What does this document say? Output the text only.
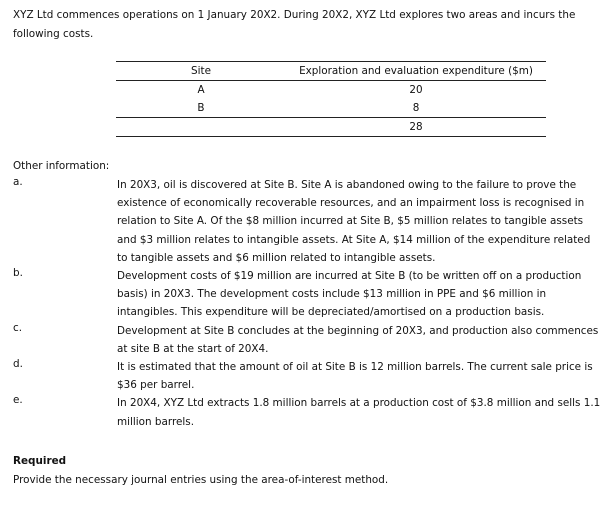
XYZ Ltd commences operations on 1 January 20X2. During 20X2, XYZ Ltd explores two areas and incurs the following costs.
Site	Exploration and evaluation expenditure ($m)
A	20
B	8
	28
Other information:
a.	In 20X3, oil is discovered at Site B. Site A is abandoned owing to the failure to prove the existence of economically recoverable resources, and an impairment loss is recognised in relation to Site A. Of the $8 million incurred at Site B, $5 million relates to tangible assets and $3 million relates to intangible assets. At Site A, $14 million of the expenditure related to tangible assets and $6 million related to intangible assets.
b.	Development costs of $19 million are incurred at Site B (to be written off on a production basis) in 20X3. The development costs include $13 million in PPE and $6 million in intangibles. This expenditure will be depreciated/amortised on a production basis.
c.	Development at Site B concludes at the beginning of 20X3, and production also commences at site B at the start of 20X4.
d.	It is estimated that the amount of oil at Site B is 12 million barrels. The current sale price is $36 per barrel.
e.	In 20X4, XYZ Ltd extracts 1.8 million barrels at a production cost of $3.8 million and sells 1.1 million barrels.
Required
Provide the necessary journal entries using the area-of-interest method.
